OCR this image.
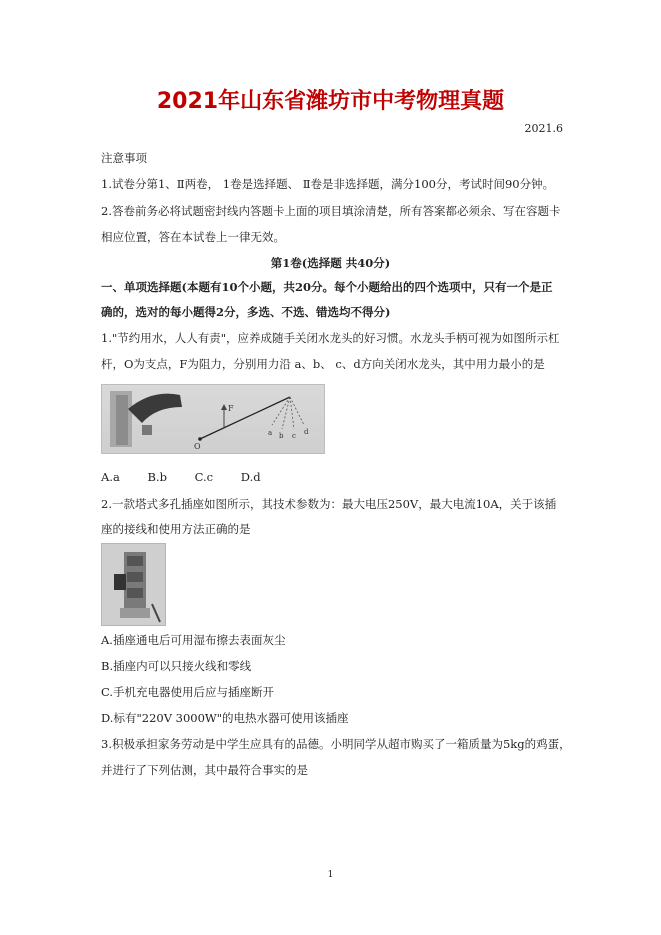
2021年山东省潍坊市中考物理真题
2021.6
注意事项
1.试卷分第1、Ⅱ两卷， 1卷是选择题、 Ⅱ卷是非选择题，满分100分，考试时间90分钟。
2.答卷前务必将试题密封线内答题卡上面的项目填涂清楚，所有答案都必须余、写在容题卡
相应位置，答在本试卷上一律无效。
第1卷(选择题 共40分)
一、单项选择题(本题有10个小题，共20分。每个小题给出的四个选项中，只有一个是正
确的，选对的每小题得2分，多选、不选、错选均不得分)
1."节约用水，人人有责"，应养成随手关闭水龙头的好习惯。水龙头手柄可视为如图所示杠
杆，O为支点，F为阻力，分别用力沿 a、b、 c、d方向关闭水龙头，其中用力最小的是
F
O
a b c d
A.a B.b C.c D.d
2.一款塔式多孔插座如图所示，其技术参数为：最大电压250V，最大电流10A，关于该插
座的接线和使用方法正确的是
A.插座通电后可用湿布擦去表面灰尘
B.插座内可以只接火线和零线
C.手机充电器使用后应与插座断开
D.标有"220V 3000W"的电热水器可使用该插座
3.积极承担家务劳动是中学生应具有的品德。小明同学从超市购买了一箱质量为5kg的鸡蛋，
并进行了下列估测，其中最符合事实的是
1
